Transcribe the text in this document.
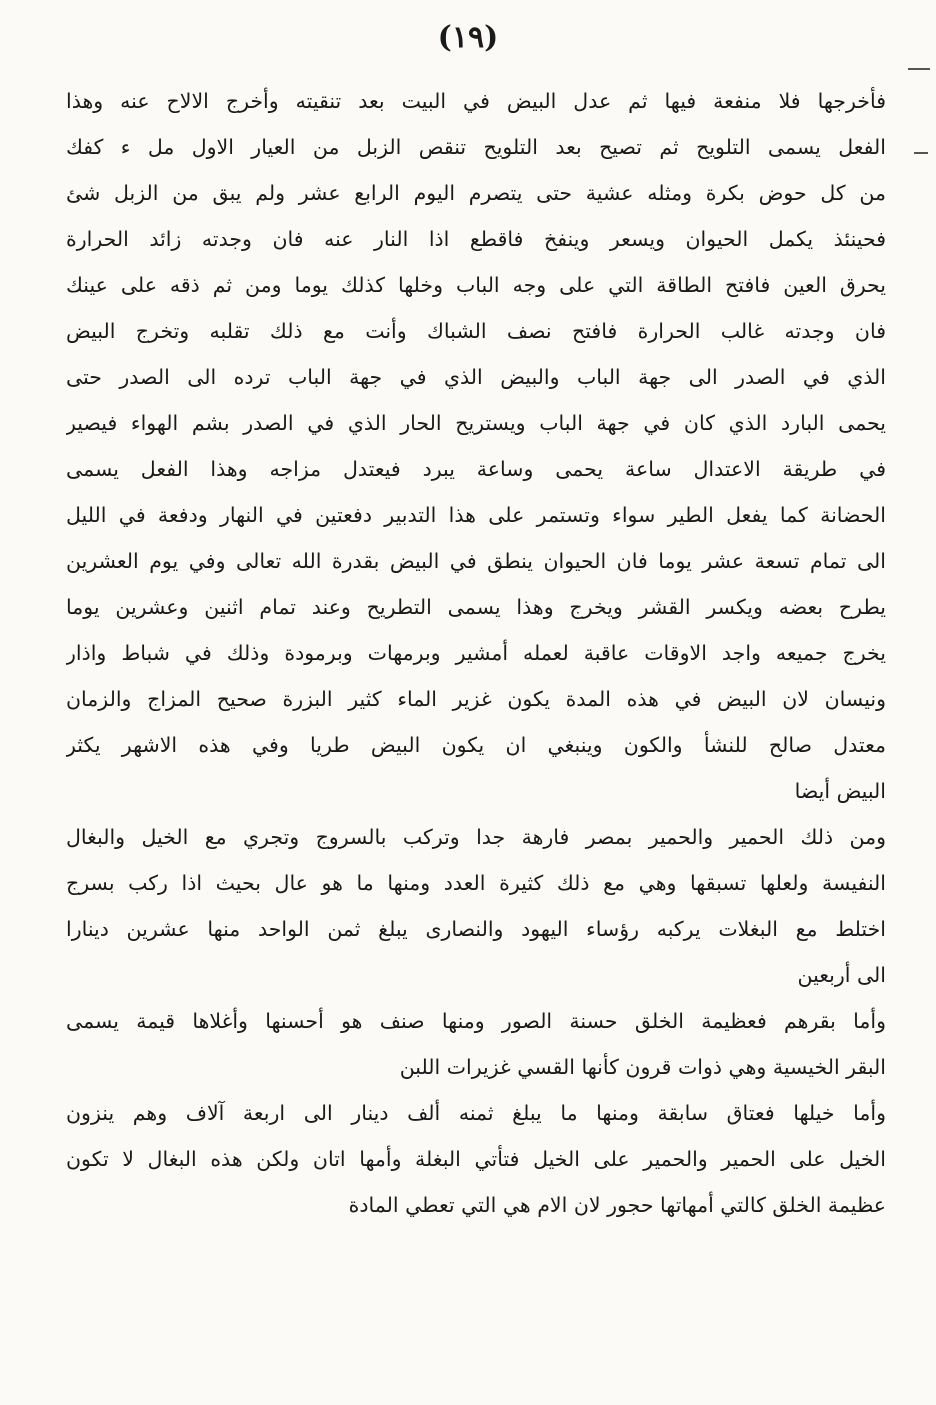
(١٩)
فأخرجها فلا منفعة فيها ثم عدل البيض في البيت بعد تنقيته وأخرج الالاح عنه وهذا
الفعل يسمى التلويح ثم تصيح بعد التلويح تنقص الزبل من العيار الاول مل ء كفك
من كل حوض بكرة ومثله عشية حتى يتصرم اليوم الرابع عشر ولم يبق من الزبل شئ
فحينئذ يكمل الحيوان ويسعر وينفخ فاقطع اذا النار عنه فان وجدته زائد الحرارة
يحرق العين فافتح الطاقة التي على وجه الباب وخلها كذلك يوما ومن ثم ذقه على عينك
فان وجدته غالب الحرارة فافتح نصف الشباك وأنت مع ذلك تقلبه وتخرج البيض
الذي في الصدر الى جهة الباب والبيض الذي في جهة الباب ترده الى الصدر حتى
يحمى البارد الذي كان في جهة الباب ويستريح الحار الذي في الصدر بشم الهواء فيصير
في طريقة الاعتدال ساعة يحمى وساعة يبرد فيعتدل مزاجه وهذا الفعل يسمى
الحضانة كما يفعل الطير سواء وتستمر على هذا التدبير دفعتين في النهار ودفعة في الليل
الى تمام تسعة عشر يوما فان الحيوان ينطق في البيض بقدرة الله تعالى وفي يوم العشرين
يطرح بعضه ويكسر القشر ويخرج وهذا يسمى التطريح وعند تمام اثنين وعشرين يوما
يخرج جميعه واجد الاوقات عاقبة لعمله أمشير وبرمهات وبرمودة وذلك في شباط واذار
ونيسان لان البيض في هذه المدة يكون غزير الماء كثير البزرة صحيح المزاج والزمان
معتدل صالح للنشأ والكون وينبغي ان يكون البيض طريا وفي هذه الاشهر يكثر
البيض أيضا
ومن ذلك الحمير والحمير بمصر فارهة جدا وتركب بالسروج وتجري مع الخيل والبغال
النفيسة ولعلها تسبقها وهي مع ذلك كثيرة العدد ومنها ما هو عال بحيث اذا ركب بسرج
اختلط مع البغلات يركبه رؤساء اليهود والنصارى يبلغ ثمن الواحد منها عشرين دينارا
الى أربعين
وأما بقرهم فعظيمة الخلق حسنة الصور ومنها صنف هو أحسنها وأغلاها قيمة يسمى
البقر الخيسية وهي ذوات قرون كأنها القسي غزيرات اللبن
وأما خيلها فعتاق سابقة ومنها ما يبلغ ثمنه ألف دينار الى اربعة آلاف وهم ينزون
الخيل على الحمير والحمير على الخيل فتأتي البغلة وأمها اتان ولكن هذه البغال لا تكون
عظيمة الخلق كالتي أمهاتها حجور لان الام هي التي تعطي المادة
